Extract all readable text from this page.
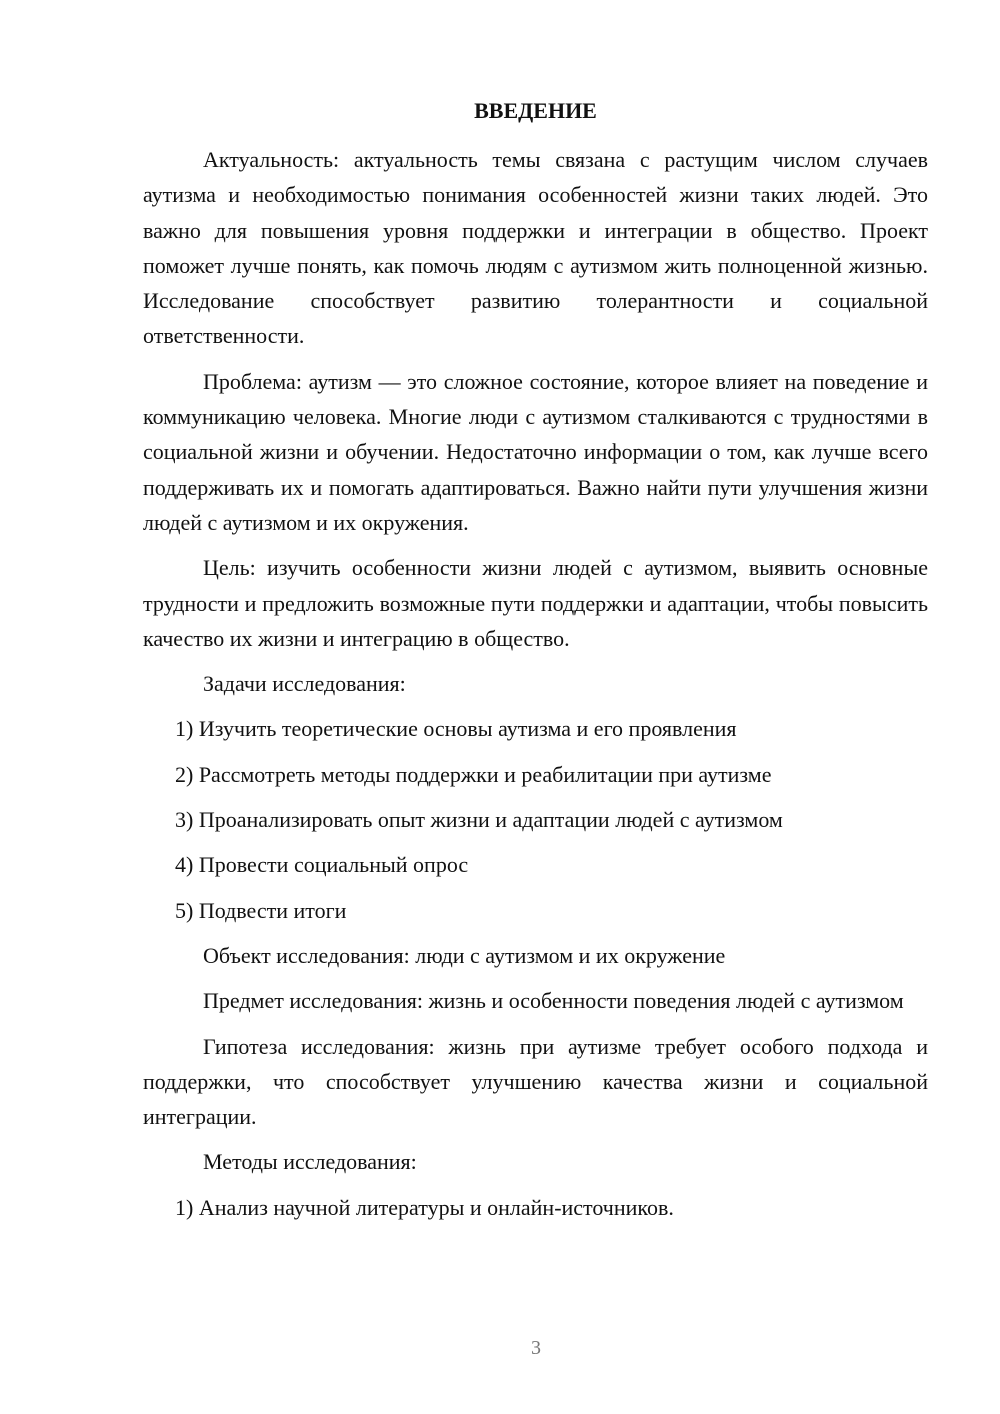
ВВЕДЕНИЕ

Актуальность: актуальность темы связана с растущим числом случаев аутизма и необходимостью понимания особенностей жизни таких людей. Это важно для повышения уровня поддержки и интеграции в общество. Проект поможет лучше понять, как помочь людям с аутизмом жить полноценной жизнью. Исследование способствует развитию толерантности и социальной ответственности.

Проблема: аутизм — это сложное состояние, которое влияет на поведение и коммуникацию человека. Многие люди с аутизмом сталкиваются с трудностями в социальной жизни и обучении. Недостаточно информации о том, как лучше всего поддерживать их и помогать адаптироваться. Важно найти пути улучшения жизни людей с аутизмом и их окружения.

Цель: изучить особенности жизни людей с аутизмом, выявить основные трудности и предложить возможные пути поддержки и адаптации, чтобы повысить качество их жизни и интеграцию в общество.

Задачи исследования:

1) Изучить теоретические основы аутизма и его проявления

2) Рассмотреть методы поддержки и реабилитации при аутизме

3) Проанализировать опыт жизни и адаптации людей с аутизмом

4) Провести социальный опрос

5) Подвести итоги

Объект исследования: люди с аутизмом и их окружение

Предмет исследования: жизнь и особенности поведения людей с аутизмом

Гипотеза исследования: жизнь при аутизме требует особого подхода и поддержки, что способствует улучшению качества жизни и социальной интеграции.

Методы исследования:

1) Анализ научной литературы и онлайн-источников.

3
